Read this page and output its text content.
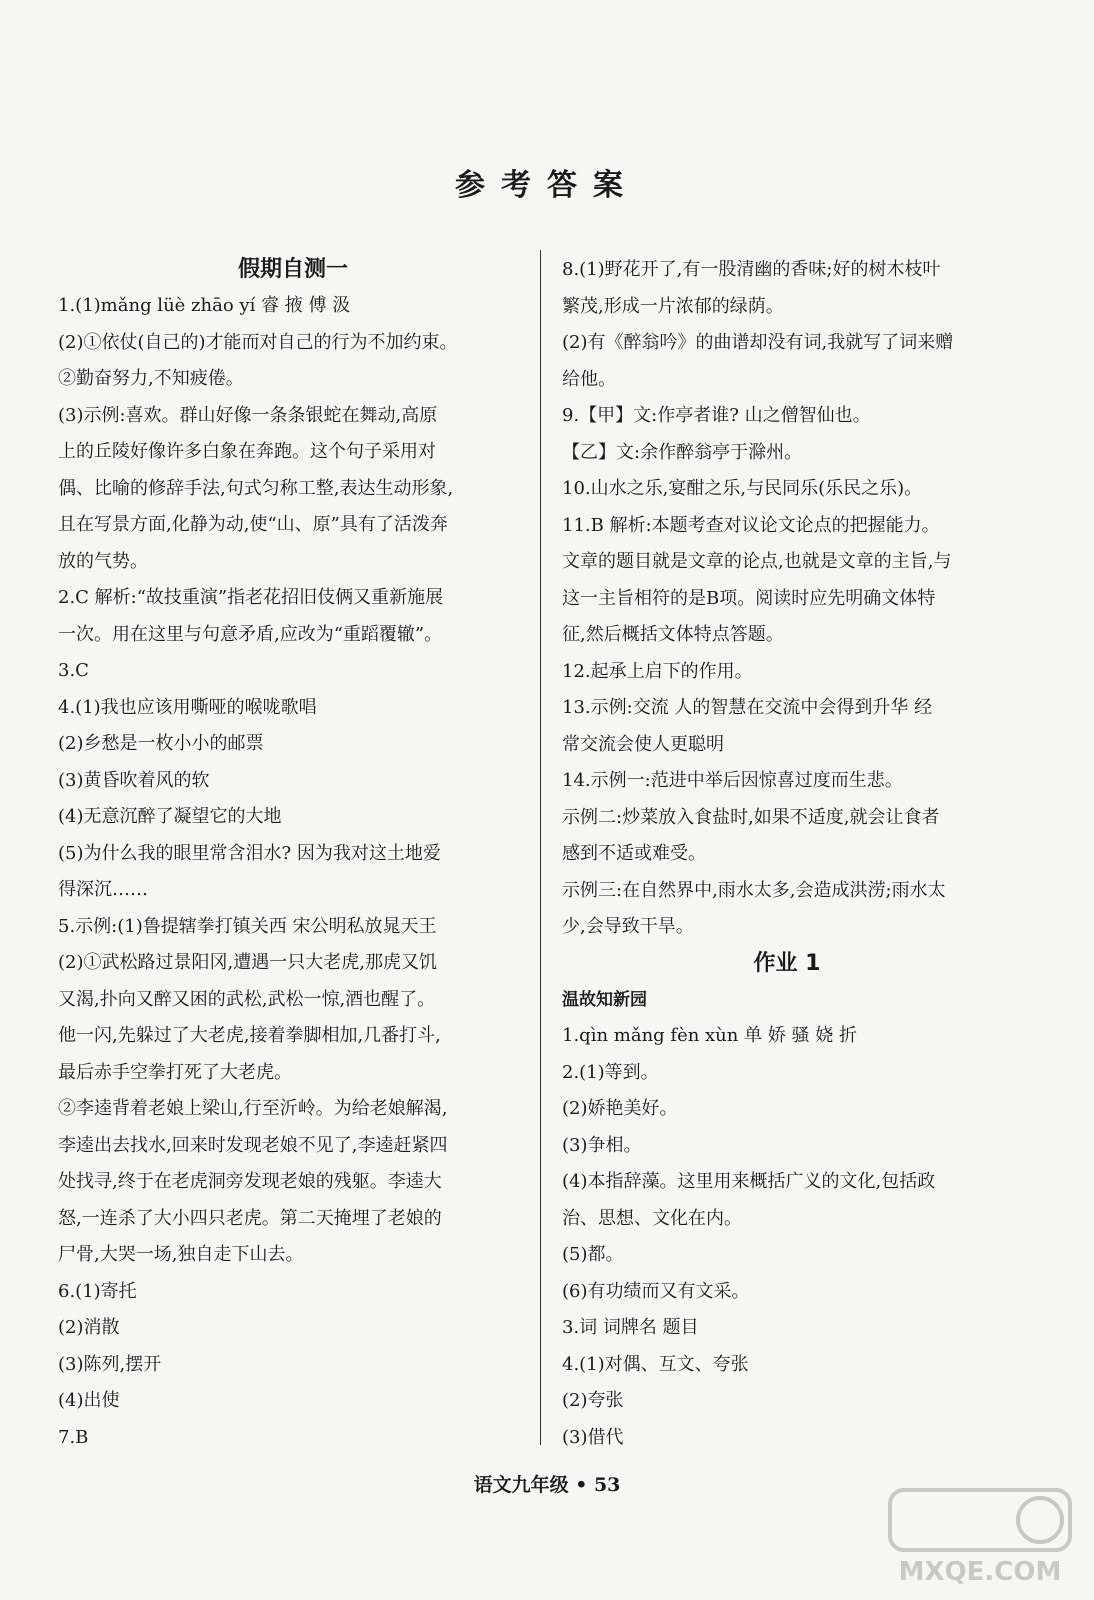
参考答案
假期自测一
1.(1)mǎng lüè zhāo yí 睿 掖 傅 汲
(2)①依仗(自己的)才能而对自己的行为不加约束。
②勤奋努力,不知疲倦。
(3)示例:喜欢。群山好像一条条银蛇在舞动,高原
上的丘陵好像许多白象在奔跑。这个句子采用对
偶、比喻的修辞手法,句式匀称工整,表达生动形象,
且在写景方面,化静为动,使“山、原”具有了活泼奔
放的气势。
2.C 解析:“故技重演”指老花招旧伎俩又重新施展
一次。用在这里与句意矛盾,应改为“重蹈覆辙”。
3.C
4.(1)我也应该用嘶哑的喉咙歌唱
(2)乡愁是一枚小小的邮票
(3)黄昏吹着风的软
(4)无意沉醉了凝望它的大地
(5)为什么我的眼里常含泪水? 因为我对这土地爱
得深沉……
5.示例:(1)鲁提辖拳打镇关西 宋公明私放晁天王
(2)①武松路过景阳冈,遭遇一只大老虎,那虎又饥
又渴,扑向又醉又困的武松,武松一惊,酒也醒了。
他一闪,先躲过了大老虎,接着拳脚相加,几番打斗,
最后赤手空拳打死了大老虎。
②李逵背着老娘上梁山,行至沂岭。为给老娘解渴,
李逵出去找水,回来时发现老娘不见了,李逵赶紧四
处找寻,终于在老虎洞旁发现老娘的残躯。李逵大
怒,一连杀了大小四只老虎。第二天掩埋了老娘的
尸骨,大哭一场,独自走下山去。
6.(1)寄托
(2)消散
(3)陈列,摆开
(4)出使
7.B
8.(1)野花开了,有一股清幽的香味;好的树木枝叶
繁茂,形成一片浓郁的绿荫。
(2)有《醉翁吟》的曲谱却没有词,我就写了词来赠
给他。
9.【甲】文:作亭者谁? 山之僧智仙也。
【乙】文:余作醉翁亭于滁州。
10.山水之乐,宴酣之乐,与民同乐(乐民之乐)。
11.B 解析:本题考查对议论文论点的把握能力。
文章的题目就是文章的论点,也就是文章的主旨,与
这一主旨相符的是B项。阅读时应先明确文体特
征,然后概括文体特点答题。
12.起承上启下的作用。
13.示例:交流 人的智慧在交流中会得到升华 经
常交流会使人更聪明
14.示例一:范进中举后因惊喜过度而生悲。
示例二:炒菜放入食盐时,如果不适度,就会让食者
感到不适或难受。
示例三:在自然界中,雨水太多,会造成洪涝;雨水太
少,会导致干旱。
作业 1
温故知新园
1.qìn mǎng fèn xùn 单 娇 骚 娆 折
2.(1)等到。
(2)娇艳美好。
(3)争相。
(4)本指辞藻。这里用来概括广义的文化,包括政
治、思想、文化在内。
(5)都。
(6)有功绩而又有文采。
3.词 词牌名 题目
4.(1)对偶、互文、夸张
(2)夸张
(3)借代
语文九年级 • 53
MXQE.COM
